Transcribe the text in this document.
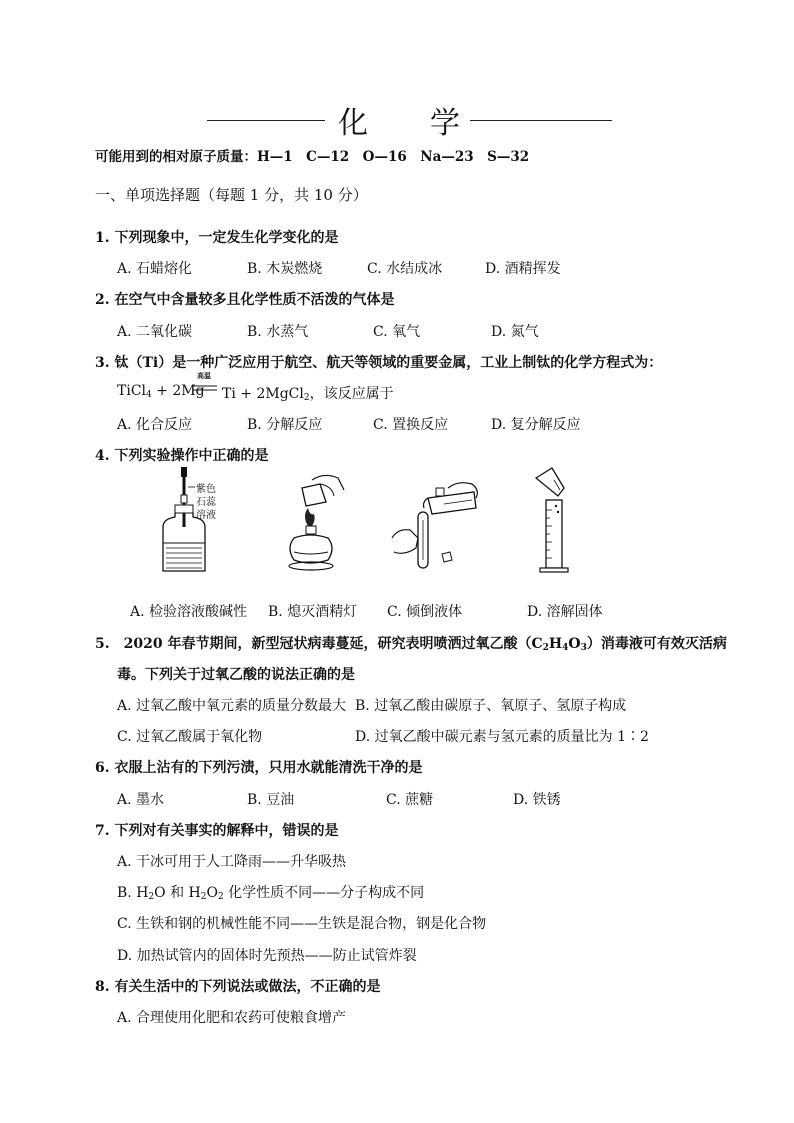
化 学
可能用到的相对原子质量：H—1　C—12　O—16　Na—23　S—32
一、单项选择题（每题 1 分，共 10 分）
1. 下列现象中，一定发生化学变化的是
A. 石蜡熔化	B. 木炭燃烧	C. 水结成冰	D. 酒精挥发
2. 在空气中含量较多且化学性质不活泼的气体是
A. 二氧化碳	B. 水蒸气	C. 氧气	D. 氮气
3. 钛（Ti）是一种广泛应用于航空、航天等领域的重要金属，工业上制钛的化学方程式为：
TiCl$_4$ + 2Mg
高温
Ti + 2MgCl$_2$，该反应属于
A. 化合反应	B. 分解反应	C. 置换反应	D. 复分解反应
4. 下列实验操作中正确的是
紫色
石蕊
溶液
A. 检验溶液酸碱性 B. 熄灭酒精灯 C. 倾倒液体	D. 溶解固体
5.　2020 年春节期间，新型冠状病毒蔓延，研究表明喷洒过氧乙酸$(C_2H_4O_3)$消毒液可有效灭活病
毒。下列关于过氧乙酸的说法正确的是
A. 过氧乙酸中氧元素的质量分数最大 B. 过氧乙酸由碳原子、氧原子、氢原子构成
C. 过氧乙酸属于氧化物	D. 过氧乙酸中碳元素与氢元素的质量比为 1∶2
6. 衣服上沾有的下列污渍，只用水就能清洗干净的是
A. 墨水	B. 豆油	C. 蔗糖	D. 铁锈
7. 下列对有关事实的解释中，错误的是
A. 干冰可用于人工降雨——升华吸热
B. $H_2O$ 和 $H_2O_2$ 化学性质不同——分子构成不同
C. 生铁和钢的机械性能不同——生铁是混合物，钢是化合物
D. 加热试管内的固体时先预热——防止试管炸裂
8. 有关生活中的下列说法或做法，不正确的是
A. 合理使用化肥和农药可使粮食增产
